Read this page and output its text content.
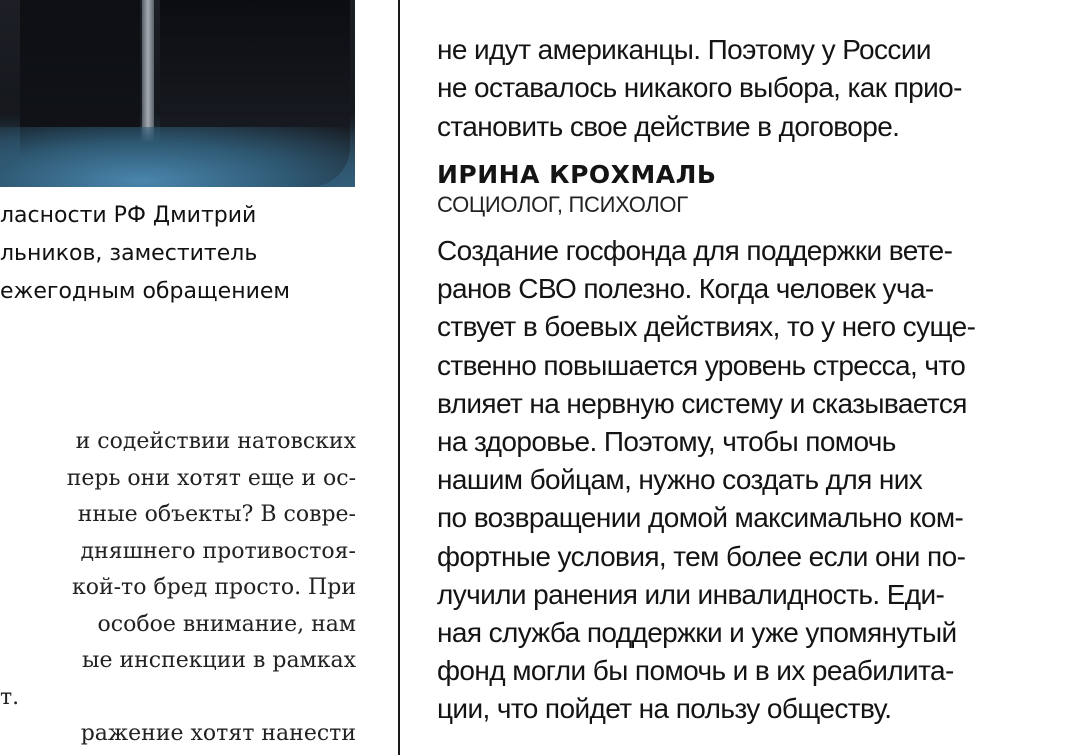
ласности РФ Дмитрий
льников, заместитель
ежегодным обращением
и содействии натовских
перь они хотят еще и ос-
нные объекты? В совре-
дняшнего противостоя-
кой-то бред просто. При
особое внимание, нам
ые инспекции в рамках
т.
ражение хотят нанести

не идут американцы. Поэтому у России
не оставалось никакого выбора, как прио-
становить свое действие в договоре.
ИРИНА КРОХМАЛЬ
СОЦИОЛОГ, ПСИХОЛОГ
Создание госфонда для поддержки вете-
ранов СВО полезно. Когда человек уча-
ствует в боевых действиях, то у него суще-
ственно повышается уровень стресса, что
влияет на нервную систему и сказывается
на здоровье. Поэтому, чтобы помочь
нашим бойцам, нужно создать для них
по возвращении домой максимально ком-
фортные условия, тем более если они по-
лучили ранения или инвалидность. Еди-
ная служба поддержки и уже упомянутый
фонд могли бы помочь и в их реабилита-
ции, что пойдет на пользу обществу.
